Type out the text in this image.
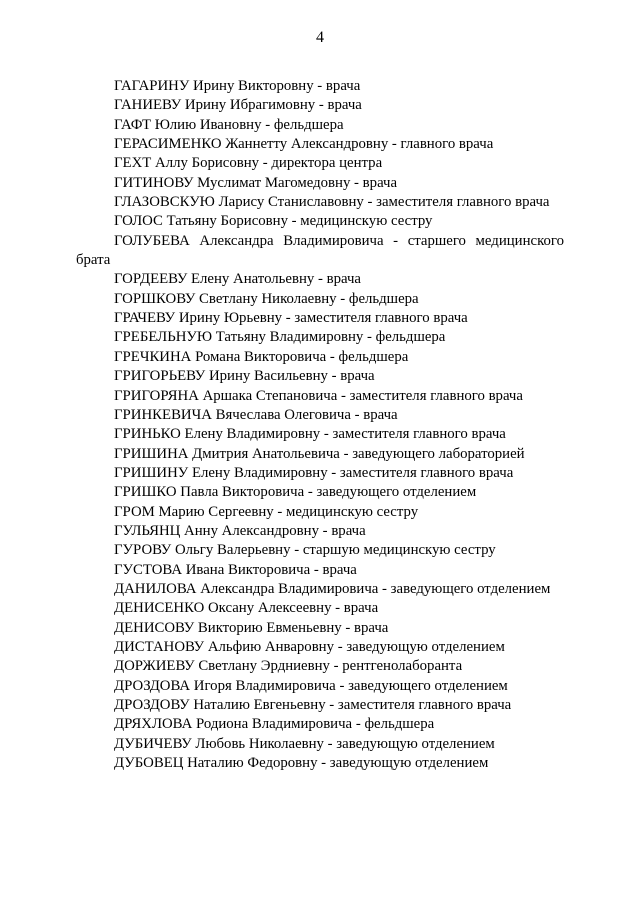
4
ГАГАРИНУ Ирину Викторовну - врача
ГАНИЕВУ Ирину Ибрагимовну - врача
ГАФТ Юлию Ивановну - фельдшера
ГЕРАСИМЕНКО Жаннетту Александровну - главного врача
ГЕХТ Аллу Борисовну - директора центра
ГИТИНОВУ Муслимат Магомедовну - врача
ГЛАЗОВСКУЮ Ларису Станиславовну - заместителя главного врача
ГОЛОС Татьяну Борисовну - медицинскую сестру
ГОЛУБЕВА Александра Владимировича - старшего медицинского брата
ГОРДЕЕВУ Елену Анатольевну - врача
ГОРШКОВУ Светлану Николаевну - фельдшера
ГРАЧЕВУ Ирину Юрьевну - заместителя главного врача
ГРЕБЕЛЬНУЮ Татьяну Владимировну - фельдшера
ГРЕЧКИНА Романа Викторовича - фельдшера
ГРИГОРЬЕВУ Ирину Васильевну - врача
ГРИГОРЯНА Аршака Степановича - заместителя главного врача
ГРИНКЕВИЧА Вячеслава Олеговича - врача
ГРИНЬКО Елену Владимировну - заместителя главного врача
ГРИШИНА Дмитрия Анатольевича - заведующего лабораторией
ГРИШИНУ Елену Владимировну - заместителя главного врача
ГРИШКО Павла Викторовича - заведующего отделением
ГРОМ Марию Сергеевну - медицинскую сестру
ГУЛЬЯНЦ Анну Александровну - врача
ГУРОВУ Ольгу Валерьевну - старшую медицинскую сестру
ГУСТОВА Ивана Викторовича - врача
ДАНИЛОВА Александра Владимировича - заведующего отделением
ДЕНИСЕНКО Оксану Алексеевну - врача
ДЕНИСОВУ Викторию Евменьевну - врача
ДИСТАНОВУ Альфию Анваровну - заведующую отделением
ДОРЖИЕВУ Светлану Эрдниевну - рентгенолаборанта
ДРОЗДОВА Игоря Владимировича - заведующего отделением
ДРОЗДОВУ Наталию Евгеньевну - заместителя главного врача
ДРЯХЛОВА Родиона Владимировича - фельдшера
ДУБИЧЕВУ Любовь Николаевну - заведующую отделением
ДУБОВЕЦ Наталию Федоровну - заведующую отделением
